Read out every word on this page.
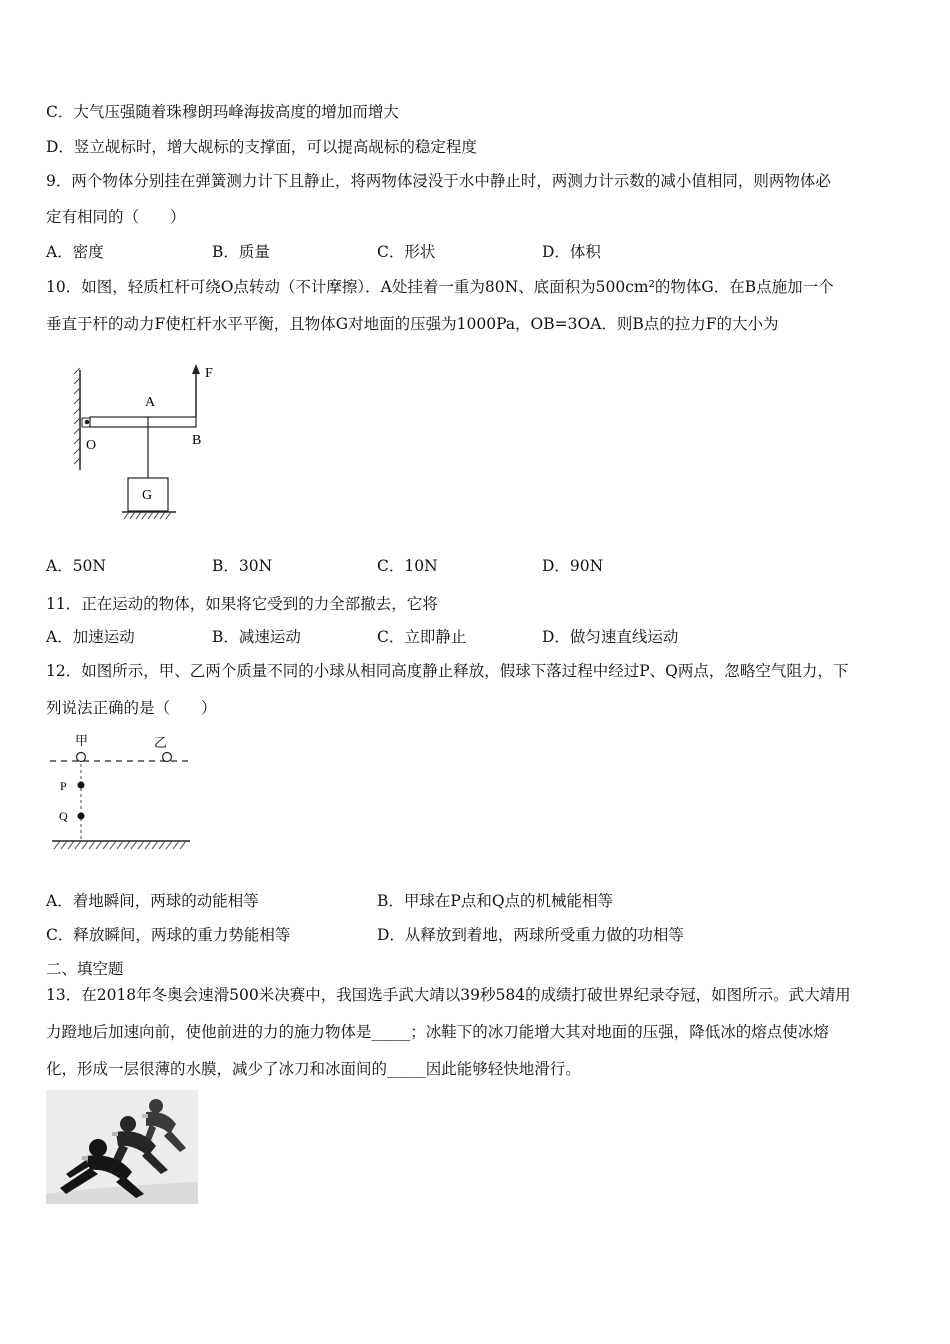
C．大气压强随着珠穆朗玛峰海拔高度的增加而增大
D．竖立觇标时，增大觇标的支撑面，可以提高觇标的稳定程度
9．两个物体分别挂在弹簧测力计下且静止，将两物体浸没于水中静止时，两测力计示数的减小值相同，则两物体必
定有相同的（　　）
A．密度	B．质量	C．形状	D．体积
10．如图，轻质杠杆可绕O点转动（不计摩擦）．A处挂着一重为80N、底面积为500cm²的物体G．在B点施加一个
垂直于杆的动力F使杠杆水平平衡，且物体G对地面的压强为1000Pa，OB=3OA．则B点的拉力F的大小为
F
A
O	B
G
A．50N	B．30N	C．10N	D．90N
11．正在运动的物体，如果将它受到的力全部撤去，它将
A．加速运动	B．减速运动	C．立即静止	D．做匀速直线运动
12．如图所示，甲、乙两个质量不同的小球从相同高度静止释放，假球下落过程中经过P、Q两点，忽略空气阻力，下
列说法正确的是（　　）
甲	乙
P
Q
A．着地瞬间，两球的动能相等	B．甲球在P点和Q点的机械能相等
C．释放瞬间，两球的重力势能相等	D．从释放到着地，两球所受重力做的功相等
二、填空题
13．在2018年冬奥会速滑500米决赛中，我国选手武大靖以39秒584的成绩打破世界纪录夺冠，如图所示。武大靖用
力蹬地后加速向前，使他前进的力的施力物体是_____；冰鞋下的冰刀能增大其对地面的压强，降低冰的熔点使冰熔
化，形成一层很薄的水膜，减少了冰刀和冰面间的_____因此能够轻快地滑行。
